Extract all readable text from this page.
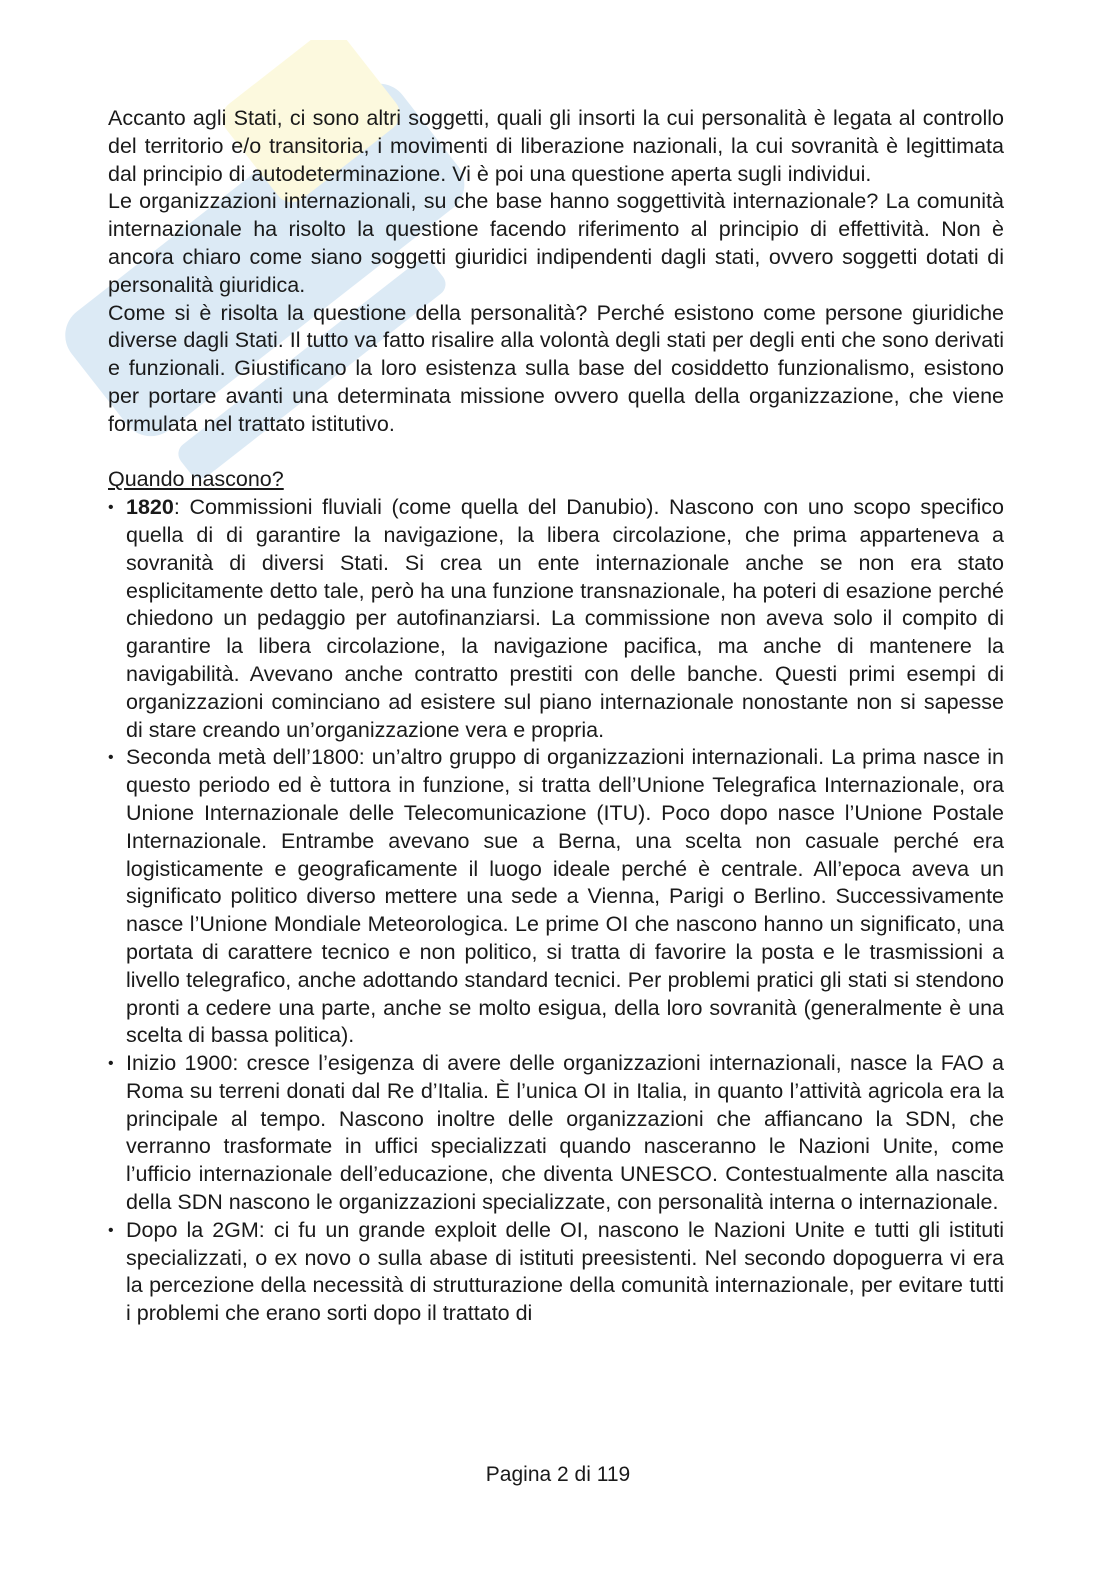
Accanto agli Stati, ci sono altri soggetti, quali gli insorti la cui personalità è legata al controllo del territorio e/o transitoria, i movimenti di liberazione nazionali, la cui sovranità è legittimata dal principio di autodeterminazione. Vi è poi una questione aperta sugli individui.

Le organizzazioni internazionali, su che base hanno soggettività internazionale? La comunità internazionale ha risolto la questione facendo riferimento al principio di effettività. Non è ancora chiaro come siano soggetti giuridici indipendenti dagli stati, ovvero soggetti dotati di personalità giuridica.

Come si è risolta la questione della personalità? Perché esistono come persone giuridiche diverse dagli Stati. Il tutto va fatto risalire alla volontà degli stati per degli enti che sono derivati e funzionali. Giustificano la loro esistenza sulla base del cosiddetto funzionalismo, esistono per portare avanti una determinata missione ovvero quella della organizzazione, che viene formulata nel trattato istitutivo.

Quando nascono?

• 1820: Commissioni fluviali (come quella del Danubio). Nascono con uno scopo specifico quella di di garantire la navigazione, la libera circolazione, che prima apparteneva a sovranità di diversi Stati. Si crea un ente internazionale anche se non era stato esplicitamente detto tale, però ha una funzione transnazionale, ha poteri di esazione perché chiedono un pedaggio per autofinanziarsi. La commissione non aveva solo il compito di garantire la libera circolazione, la navigazione pacifica, ma anche di mantenere la navigabilità. Avevano anche contratto prestiti con delle banche. Questi primi esempi di organizzazioni cominciano ad esistere sul piano internazionale nonostante non si sapesse di stare creando un’organizzazione vera e propria.
• Seconda metà dell’1800: un’altro gruppo di organizzazioni internazionali. La prima nasce in questo periodo ed è tuttora in funzione, si tratta dell’Unione Telegrafica Internazionale, ora Unione Internazionale delle Telecomunicazione (ITU). Poco dopo nasce l’Unione Postale Internazionale. Entrambe avevano sue a Berna, una scelta non casuale perché era logisticamente e geograficamente il luogo ideale perché è centrale. All’epoca aveva un significato politico diverso mettere una sede a Vienna, Parigi o Berlino. Successivamente nasce l’Unione Mondiale Meteorologica. Le prime OI che nascono hanno un significato, una portata di carattere tecnico e non politico, si tratta di favorire la posta e le trasmissioni a livello telegrafico, anche adottando standard tecnici. Per problemi pratici gli stati si stendono pronti a cedere una parte, anche se molto esigua, della loro sovranità (generalmente è una scelta di bassa politica).
• Inizio 1900: cresce l’esigenza di avere delle organizzazioni internazionali, nasce la FAO a Roma su terreni donati dal Re d’Italia. È l’unica OI in Italia, in quanto l’attività agricola era la principale al tempo. Nascono inoltre delle organizzazioni che affiancano la SDN, che verranno trasformate in uffici specializzati quando nasceranno le Nazioni Unite, come l’ufficio internazionale dell’educazione, che diventa UNESCO. Contestualmente alla nascita della SDN nascono le organizzazioni specializzate, con personalità interna o internazionale.
• Dopo la 2GM: ci fu un grande exploit delle OI, nascono le Nazioni Unite e tutti gli istituti specializzati, o ex novo o sulla abase di istituti preesistenti. Nel secondo dopoguerra vi era la percezione della necessità di strutturazione della comunità internazionale, per evitare tutti i problemi che erano sorti dopo il trattato di
Pagina 2 di 119
